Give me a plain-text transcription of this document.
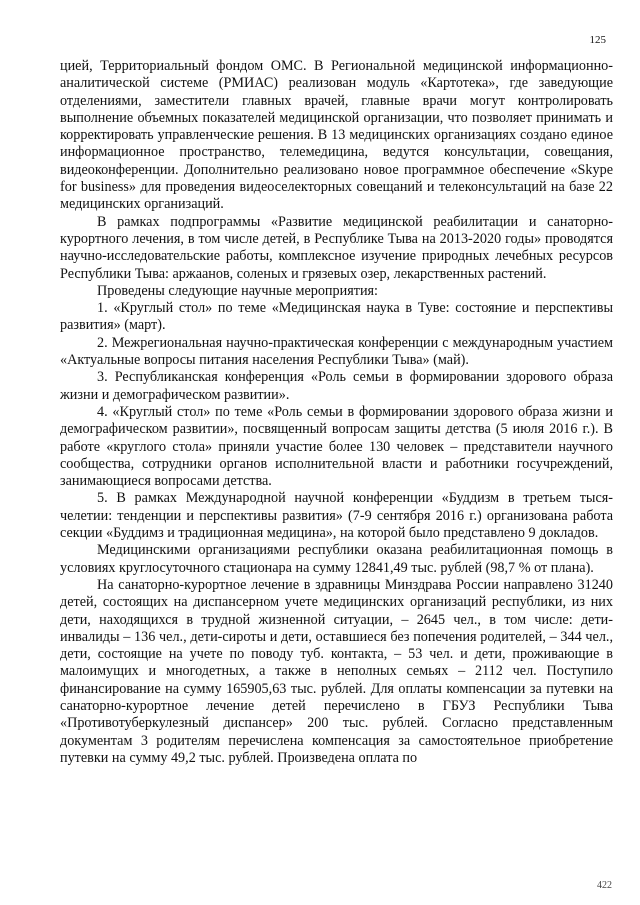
125

цией, Территориальный фондом ОМС. В Региональной медицинской информационно-аналитической системе (РМИАС) реализован модуль «Картотека», где заведующие отделениями, заместители главных врачей, главные врачи могут контролировать выполнение объемных показателей медицинской организации, что позволяет принимать и корректировать управленческие решения. В 13 медицинских организациях создано единое информационное пространство, телемедицина, ведутся консультации, совещания, видеоконференции. Дополнительно реализовано новое программное обеспечение «Skype for business» для проведения видеоселекторных совещаний и телеконсультаций на базе 22 медицинских организаций.

В рамках подпрограммы «Развитие медицинской реабилитации и санаторно-курортного лечения, в том числе детей, в Республике Тыва на 2013-2020 годы» проводятся научно-исследовательские работы, комплексное изучение природных лечебных ресурсов Республики Тыва: аржаанов, соленых и грязевых озер, лекарственных растений.

Проведены следующие научные мероприятия:

1. «Круглый стол» по теме «Медицинская наука в Туве: состояние и перспективы развития» (март).

2. Межрегиональная научно-практическая конференции с международным участием «Актуальные вопросы питания населения Республики Тыва» (май).

3. Республиканская конференция «Роль семьи в формировании здорового образа жизни и демографическом развитии».

4. «Круглый стол» по теме «Роль семьи в формировании здорового образа жизни и демографическом развитии», посвященный вопросам защиты детства (5 июля 2016 г.). В работе «круглого стола» приняли участие более 130 человек – представители научного сообщества, сотрудники органов исполнительной власти и работники госучреждений, занимающиеся вопросами детства.

5. В рамках Международной научной конференции «Буддизм в третьем тысячелетии: тенденции и перспективы развития» (7-9 сентября 2016 г.) организована работа секции «Буддимз и традиционная медицина», на которой было представлено 9 докладов.

Медицинскими организациями республики оказана реабилитационная помощь в условиях круглосуточного стационара на сумму 12841,49 тыс. рублей (98,7 % от плана).

На санаторно-курортное лечение в здравницы Минздрава России направлено 31240 детей, состоящих на диспансерном учете медицинских организаций республики, из них дети, находящихся в трудной жизненной ситуации, – 2645 чел., в том числе: дети-инвалиды – 136 чел., дети-сироты и дети, оставшиеся без попечения родителей, – 344 чел., дети, состоящие на учете по поводу туб. контакта, – 53 чел. и дети, проживающие в малоимущих и многодетных, а также в неполных семьях – 2112 чел. Поступило финансирование на сумму 165905,63 тыс. рублей. Для оплаты компенсации за путевки на санаторно-курортное лечение детей перечислено в ГБУЗ Республики Тыва «Противотуберкулезный диспансер» 200 тыс. рублей. Согласно представленным документам 3 родителям перечислена компенсация за самостоятельное приобретение путевки на сумму 49,2 тыс. рублей. Произведена оплата по

422
